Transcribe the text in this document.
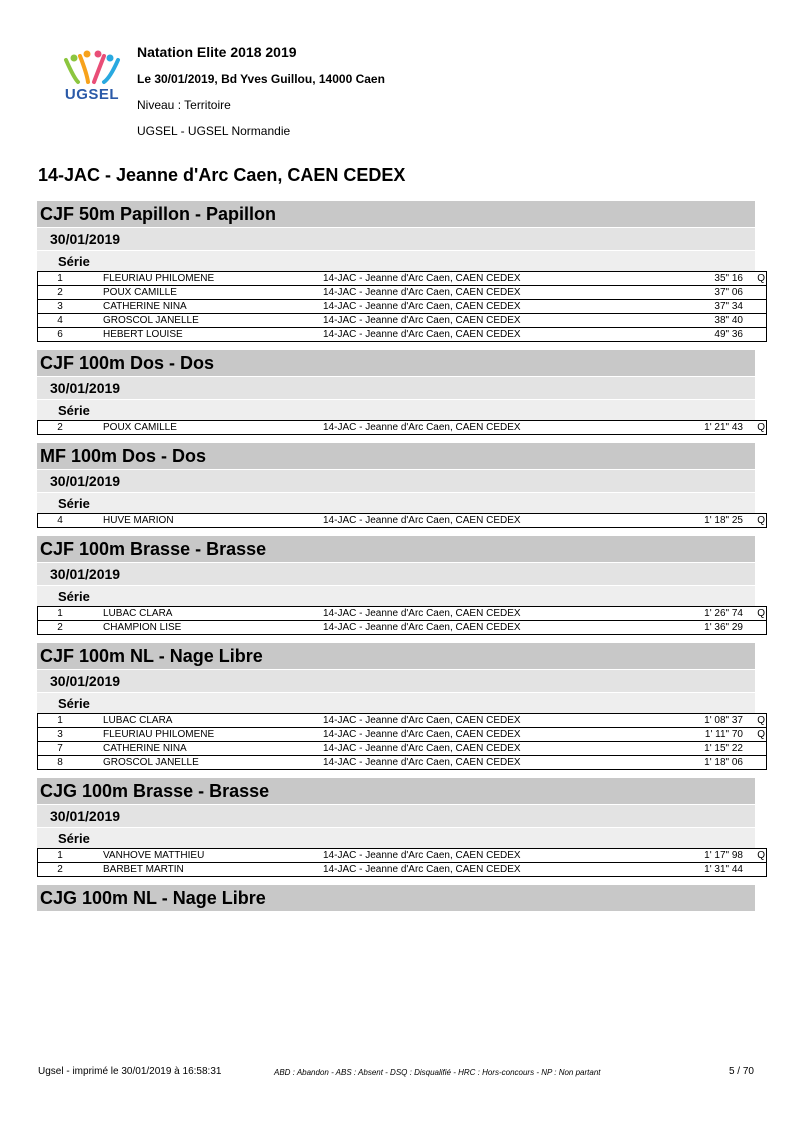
UGSEL
Natation Elite 2018 2019
Le 30/01/2019, Bd Yves Guillou, 14000 Caen
Niveau : Territoire
UGSEL - UGSEL Normandie
14-JAC - Jeanne d'Arc Caen, CAEN CEDEX
CJF 50m Papillon - Papillon
30/01/2019
Série
1	FLEURIAU PHILOMENE	14-JAC - Jeanne d'Arc Caen, CAEN CEDEX	35" 16	Q
2	POUX CAMILLE	14-JAC - Jeanne d'Arc Caen, CAEN CEDEX	37" 06	
3	CATHERINE NINA	14-JAC - Jeanne d'Arc Caen, CAEN CEDEX	37" 34	
4	GROSCOL JANELLE	14-JAC - Jeanne d'Arc Caen, CAEN CEDEX	38" 40	
6	HEBERT LOUISE	14-JAC - Jeanne d'Arc Caen, CAEN CEDEX	49" 36	
CJF 100m Dos - Dos
30/01/2019
Série
2	POUX CAMILLE	14-JAC - Jeanne d'Arc Caen, CAEN CEDEX	1' 21" 43	Q
MF 100m Dos - Dos
30/01/2019
Série
4	HUVE MARION	14-JAC - Jeanne d'Arc Caen, CAEN CEDEX	1' 18" 25	Q
CJF 100m Brasse - Brasse
30/01/2019
Série
1	LUBAC CLARA	14-JAC - Jeanne d'Arc Caen, CAEN CEDEX	1' 26" 74	Q
2	CHAMPION LISE	14-JAC - Jeanne d'Arc Caen, CAEN CEDEX	1' 36" 29	
CJF 100m NL - Nage Libre
30/01/2019
Série
1	LUBAC CLARA	14-JAC - Jeanne d'Arc Caen, CAEN CEDEX	1' 08" 37	Q
3	FLEURIAU PHILOMENE	14-JAC - Jeanne d'Arc Caen, CAEN CEDEX	1' 11" 70	Q
7	CATHERINE NINA	14-JAC - Jeanne d'Arc Caen, CAEN CEDEX	1' 15" 22	
8	GROSCOL JANELLE	14-JAC - Jeanne d'Arc Caen, CAEN CEDEX	1' 18" 06	
CJG 100m Brasse - Brasse
30/01/2019
Série
1	VANHOVE MATTHIEU	14-JAC - Jeanne d'Arc Caen, CAEN CEDEX	1' 17" 98	Q
2	BARBET MARTIN	14-JAC - Jeanne d'Arc Caen, CAEN CEDEX	1' 31" 44	
CJG 100m NL - Nage Libre
Ugsel - imprimé le 30/01/2019 à 16:58:31	ABD : Abandon - ABS : Absent - DSQ : Disqualifié - HRC : Hors-concours - NP : Non partant	5 / 70
